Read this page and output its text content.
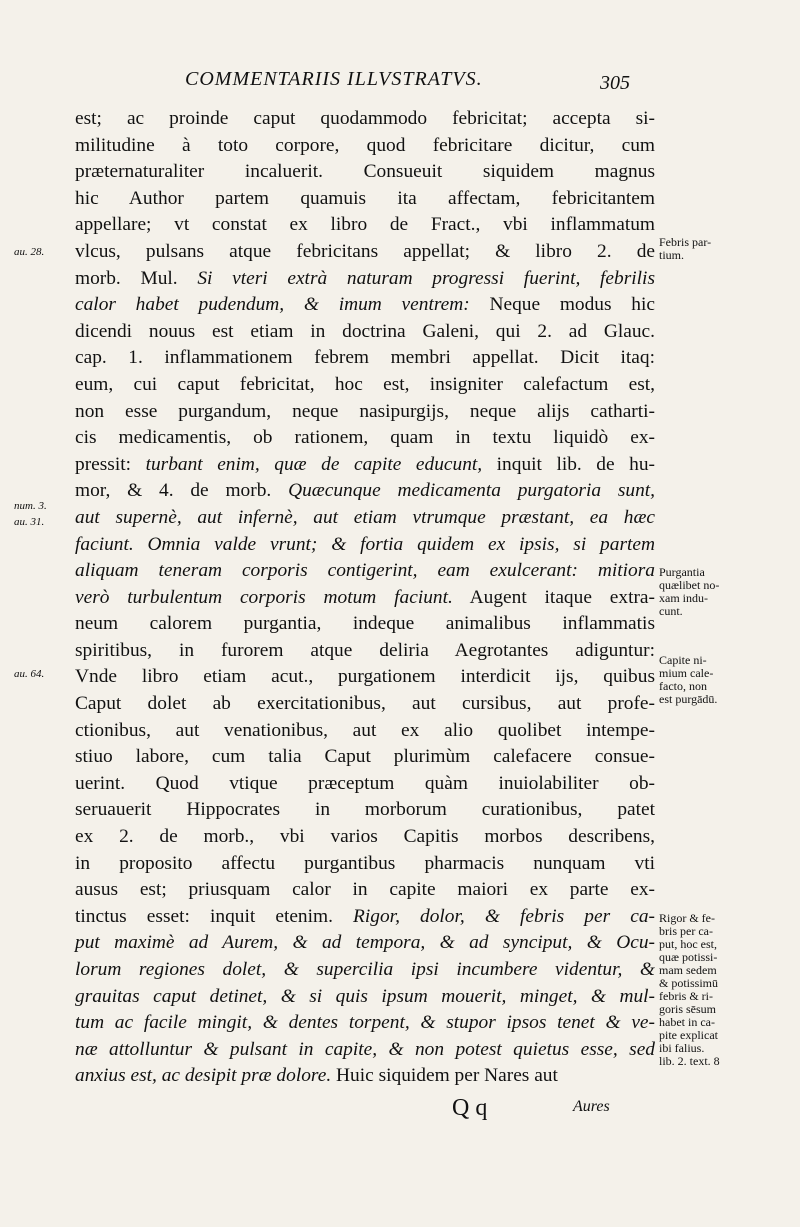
COMMENTARIIS ILLVSTRATVS.	305
est; ac proinde caput quodammodo febricitat; accepta si-
militudine à toto corpore, quod febricitare dicitur, cum
præternaturaliter incaluerit. Consueuit siquidem magnus
hic Author partem quamuis ita affectam, febricitantem
appellare; vt constat ex libro de Fract., vbi inflammatum
vlcus, pulsans atque febricitans appellat; & libro 2. de
morb. Mul. Si vteri extrà naturam progressi fuerint, febrilis
calor habet pudendum, & imum ventrem: Neque modus hic
dicendi nouus est etiam in doctrina Galeni, qui 2. ad Glauc.
cap. 1. inflammationem febrem membri appellat. Dicit itaq:
eum, cui caput febricitat, hoc est, insigniter calefactum est,
non esse purgandum, neque nasipurgijs, neque alijs catharti-
cis medicamentis, ob rationem, quam in textu liquidò ex-
pressit: turbant enim, quæ de capite educunt, inquit lib. de hu-
mor, & 4. de morb. Quæcunque medicamenta purgatoria sunt,
aut supernè, aut infernè, aut etiam vtrumque præstant, ea hæc
faciunt. Omnia valde vrunt; & fortia quidem ex ipsis, si partem
aliquam teneram corporis contigerint, eam exulcerant: mitiora
verò turbulentum corporis motum faciunt. Augent itaque extra-
neum calorem purgantia, indeque animalibus inflammatis
spiritibus, in furorem atque deliria Aegrotantes adiguntur:
Vnde libro etiam acut., purgationem interdicit ijs, quibus
Caput dolet ab exercitationibus, aut cursibus, aut profe-
ctionibus, aut venationibus, aut ex alio quolibet intempe-
stiuo labore, cum talia Caput plurimùm calefacere consue-
uerint. Quod vtique præceptum quàm inuiolabiliter ob-
seruauerit Hippocrates in morborum curationibus, patet
ex 2. de morb., vbi varios Capitis morbos describens,
in proposito affectu purgantibus pharmacis nunquam vti
ausus est; priusquam calor in capite maiori ex parte ex-
tinctus esset: inquit etenim. Rigor, dolor, & febris per ca-
put maximè ad Aurem, & ad tempora, & ad synciput, & Ocu-
lorum regiones dolet, & supercilia ipsi incumbere videntur, &
grauitas caput detinet, & si quis ipsum mouerit, minget, & mul-
tum ac facile mingit, & dentes torpent, & stupor ipsos tenet & ve-
næ attolluntur & pulsant in capite, & non potest quietus esse, sed
anxius est, ac desipit præ dolore. Huic siquidem per Nares aut
au. 28.
num. 3.
au. 31.
au. 64.
Febris par-
tium.
Purgantia
quælibet no-
xam indu-
cunt.
Capite ni-
mium cale-
facto, non
est purgādū.
Rigor & fe-
bris per ca-
put, hoc est,
quæ potissi-
mam sedem
& potissimū
febris & ri-
goris sēsum
habet in ca-
pite explicat
ibi falius.
lib. 2. text. 8
Q q	Aures
